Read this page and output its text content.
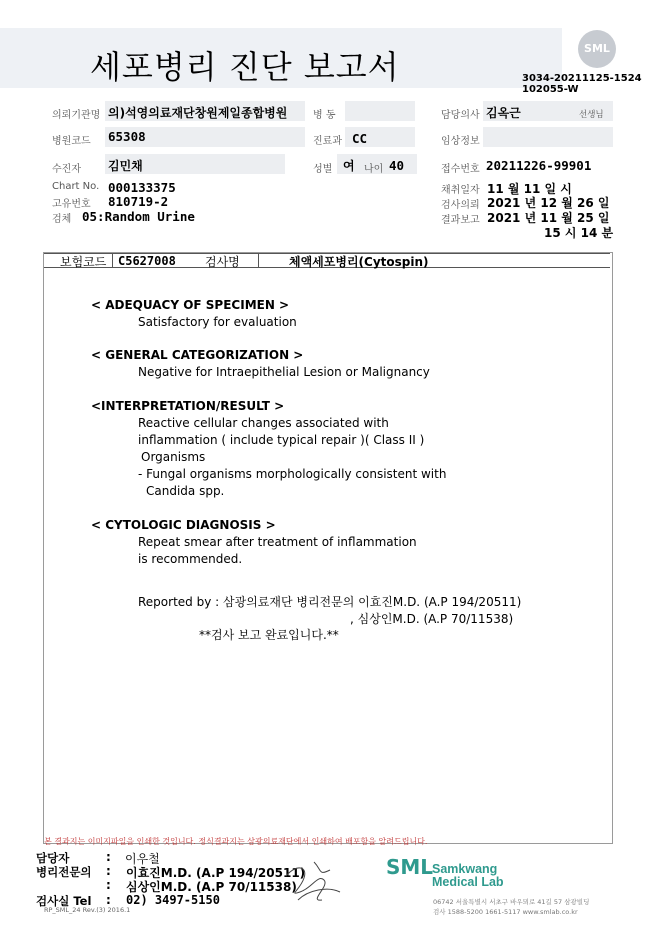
세포병리 진단 보고서	SML
3034-20211125-1524
102055-W
의뢰기관명 의)석영의료재단창원제일종합병원	병 동	담당의사 김옥근	선생님
병원코드 65308	진료과 CC	임상정보
수진자 김민채	성별 여 나이 40	접수번호 20211226-99901
Chart No. 000133375
고유번호 810719-2
검체 05:Random Urine
채취일자 11 월 11 일 시
검사의뢰 2021 년 12 월 26 일
결과보고 2021 년 11 월 25 일
15 시 14 분
보험코드 C5627008 검사명	체액세포병리(Cytospin)
< ADEQUACY OF SPECIMEN >
Satisfactory for evaluation
< GENERAL CATEGORIZATION >
Negative for Intraepithelial Lesion or Malignancy
<INTERPRETATION/RESULT >
Reactive cellular changes associated with
inflammation ( include typical repair )( Class II )
Organisms
- Fungal organisms morphologically consistent with
Candida spp.
< CYTOLOGIC DIAGNOSIS >
Repeat smear after treatment of inflammation
is recommended.
Reported by : 삼광의료재단 병리전문의 이효진M.D. (A.P 194/20511)
, 심상인M.D. (A.P 70/11538)
**검사 보고 완료입니다.**
본 결과지는 이미지파일을 인쇄한 것입니다. 정식결과지는 삼광의료재단에서 인쇄하여 배포함을 알려드립니다.
담당자	: 이우철
병리전문의 : 이효진M.D. (A.P 194/20511)
: 심상인M.D. (A.P 70/11538)
검사실 Tel : 02) 3497-5150
SML
Samkwang
Medical Lab
06742 서울특별시 서초구 바우뫼로 41길 57 삼광빌딩
검사 1588-5200 1661-5117 www.smlab.co.kr
RP_SML_24 Rev.(3) 2016.1
